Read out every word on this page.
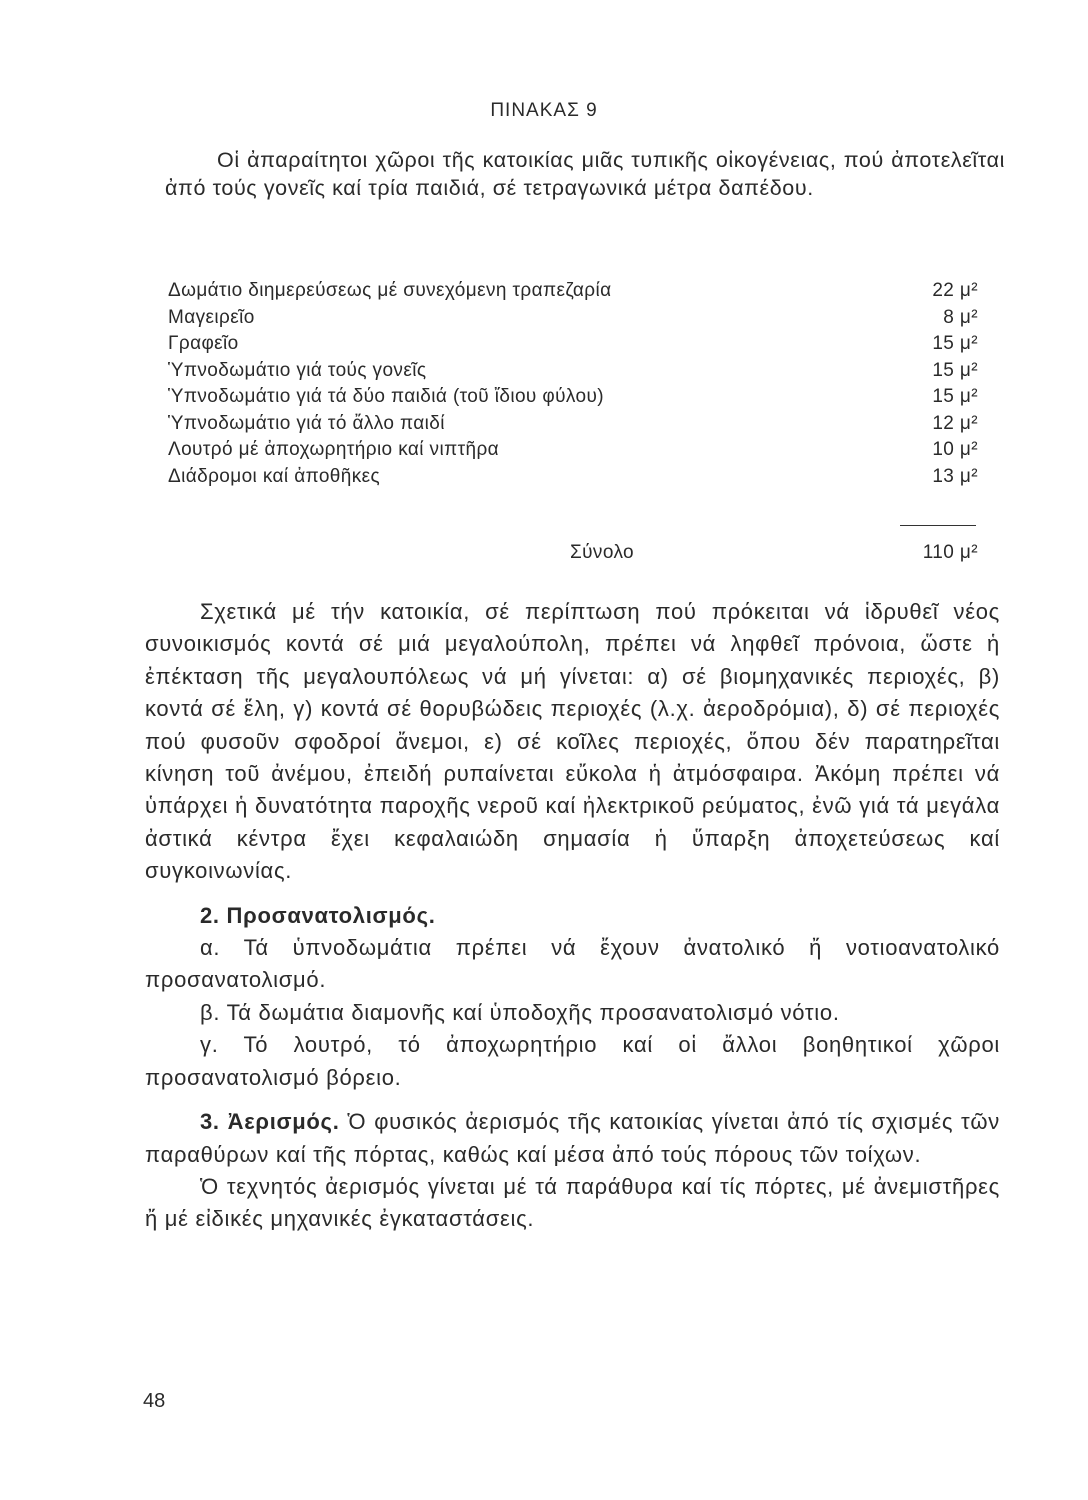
ΠΙΝΑΚΑΣ 9

Οἱ ἀπαραίτητοι χῶροι τῆς κατοικίας μιᾶς τυπικῆς οἰκογένειας, πού ἀποτελεῖται ἀπό τούς γονεῖς καί τρία παιδιά, σέ τετραγωνικά μέτρα δαπέδου.

Δωμάτιο διημερεύσεως μέ συνεχόμενη τραπεζαρία	22 μ²
Μαγειρεῖο	8 μ²
Γραφεῖο	15 μ²
Ὑπνοδωμάτιο γιά τούς γονεῖς	15 μ²
Ὑπνοδωμάτιο γιά τά δύο παιδιά (τοῦ ἴδιου φύλου)	15 μ²
Ὑπνοδωμάτιο γιά τό ἄλλο παιδί	12 μ²
Λουτρό μέ ἀποχωρητήριο καί νιπτῆρα	10 μ²
Διάδρομοι καί ἀποθῆκες	13 μ²
Σύνολο	110 μ²

Σχετικά μέ τήν κατοικία, σέ περίπτωση πού πρόκειται νά ἱδρυθεῖ νέος συνοικισμός κοντά σέ μιά μεγαλούπολη, πρέπει νά ληφθεῖ πρόνοια, ὥστε ἡ ἐπέκταση τῆς μεγαλουπόλεως νά μή γίνεται: α) σέ βιομηχανικές περιοχές, β) κοντά σέ ἕλη, γ) κοντά σέ θορυβώδεις περιοχές (λ.χ. ἀεροδρόμια), δ) σέ περιοχές πού φυσοῦν σφοδροί ἄνεμοι, ε) σέ κοῖλες περιοχές, ὅπου δέν παρατηρεῖται κίνηση τοῦ ἀνέμου, ἐπειδή ρυπαίνεται εὔκολα ἡ ἀτμόσφαιρα. Ἀκόμη πρέπει νά ὑπάρχει ἡ δυνατότητα παροχῆς νεροῦ καί ἠλεκτρικοῦ ρεύματος, ἐνῶ γιά τά μεγάλα ἀστικά κέντρα ἔχει κεφαλαιώδη σημασία ἡ ὕπαρξη ἀποχετεύσεως καί συγκοινωνίας.

2. Προσανατολισμός.

α. Τά ὑπνοδωμάτια πρέπει νά ἔχουν ἀνατολικό ἤ νοτιοανατολικό προσανατολισμό.

β. Τά δωμάτια διαμονῆς καί ὑποδοχῆς προσανατολισμό νότιο.

γ. Τό λουτρό, τό ἀποχωρητήριο καί οἱ ἄλλοι βοηθητικοί χῶροι προσανατολισμό βόρειο.

3. Ἀερισμός. Ὁ φυσικός ἀερισμός τῆς κατοικίας γίνεται ἀπό τίς σχισμές τῶν παραθύρων καί τῆς πόρτας, καθώς καί μέσα ἀπό τούς πόρους τῶν τοίχων.

Ὁ τεχνητός ἀερισμός γίνεται μέ τά παράθυρα καί τίς πόρτες, μέ ἀνεμιστῆρες ἤ μέ εἰδικές μηχανικές ἐγκαταστάσεις.

48
